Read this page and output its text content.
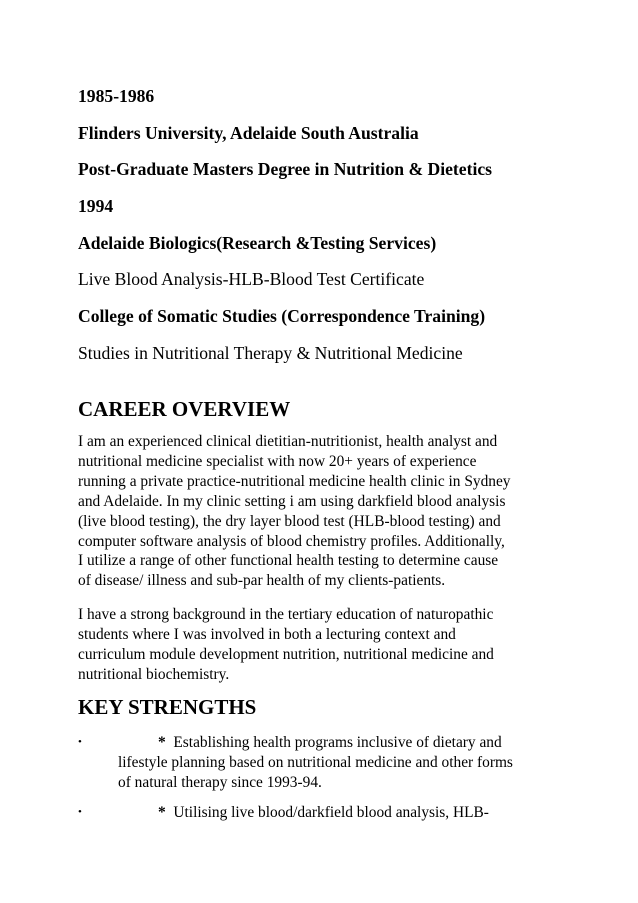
1985-1986
Flinders University, Adelaide South Australia
Post-Graduate Masters Degree in Nutrition & Dietetics
1994
Adelaide Biologics(Research &Testing Services)
Live Blood Analysis-HLB-Blood Test Certificate
College of Somatic Studies (Correspondence Training)
Studies in Nutritional Therapy & Nutritional Medicine
CAREER OVERVIEW

I am an experienced clinical dietitian-nutritionist, health analyst and

nutritional medicine specialist with now 20+ years of experience

running a private practice-nutritional medicine health clinic in Sydney

and Adelaide. In my clinic setting i am using darkfield blood analysis

(live blood testing), the dry layer blood test (HLB-blood testing) and

computer software analysis of blood chemistry profiles. Additionally,

I utilize a range of other functional health testing to determine cause

of disease/ illness and sub-par health of my clients-patients.

I have a strong background in the tertiary education of naturopathic

students where I was involved in both a lecturing context and

curriculum module development nutrition, nutritional medicine and

nutritional biochemistry.

KEY STRENGTHS
•	* Establishing health programs inclusive of dietary and

lifestyle planning based on nutritional medicine and other forms

of natural therapy since 1993-94.

•	* Utilising live blood/darkfield blood analysis, HLB-
